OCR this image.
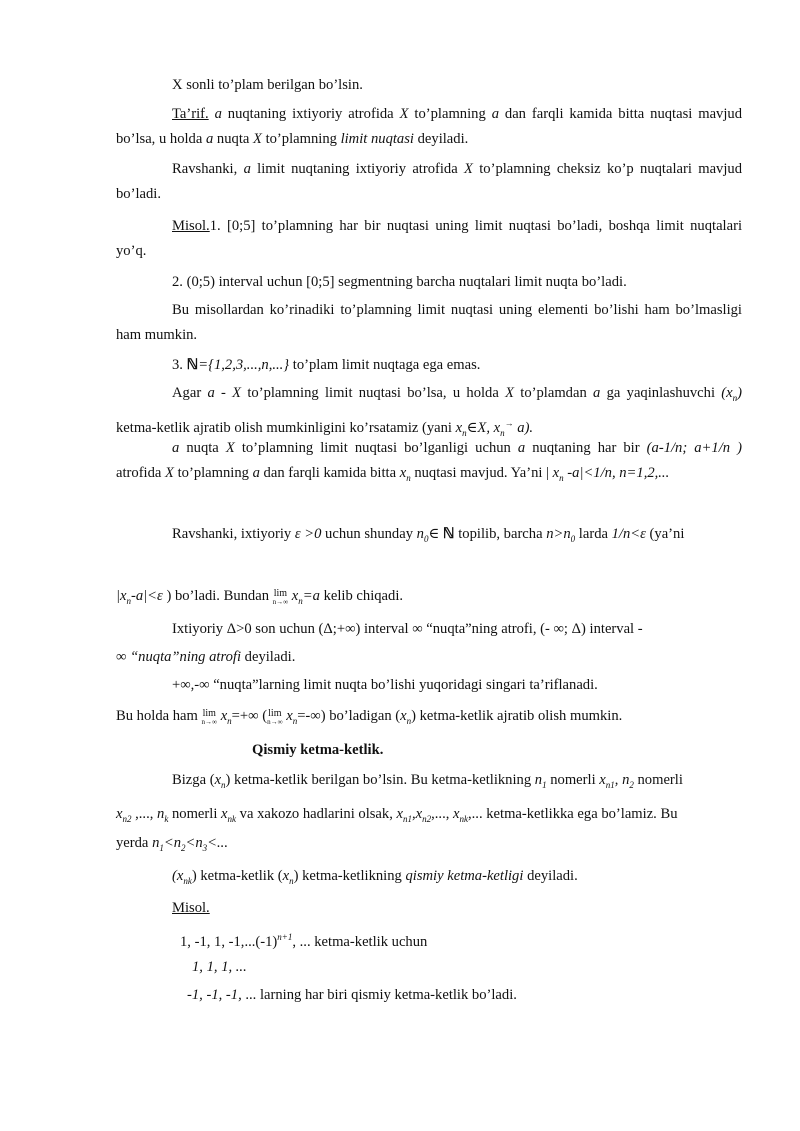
X sonli to’plam berilgan bo’lsin.

Ta’rif. a nuqtaning ixtiyoriy atrofida X to’plamning a dan farqli kamida bitta nuqtasi mavjud bo’lsa, u holda a nuqta X to’plamning limit nuqtasi deyiladi.

Ravshanki, a limit nuqtaning ixtiyoriy atrofida X to’plamning cheksiz ko’p nuqtalari mavjud bo’ladi.

Misol.1. [0;5] to’plamning har bir nuqtasi uning limit nuqtasi bo’ladi, boshqa limit nuqtalari yo’q.

2. (0;5) interval uchun [0;5] segmentning barcha nuqtalari limit nuqta bo’ladi.

Bu misollardan ko’rinadiki to’plamning limit nuqtasi uning elementi bo’lishi ham bo’lmasligi ham mumkin.

3. ℕ={1,2,3,...,n,...} to’plam limit nuqtaga ega emas.

Agar a - X to’plamning limit nuqtasi bo’lsa, u holda X to’plamdan a ga yaqinlashuvchi $(x_n)$ ketma-ketlik ajratib olish mumkinligini ko’rsatamiz (yani $x_n\in X$, $x_n^\to$ a).

a nuqta X to’plamning limit nuqtasi bo’lganligi uchun a nuqtaning har bir (a-1/n; a+1/n ) atrofida X to’plamning a dan farqli kamida bitta $x_n$ nuqtasi mavjud. Ya’ni | $x_n$ -a|<1/n, n=1,2,...

Ravshanki, ixtiyoriy ε >0 uchun shunday $n_0\in$ ℕ topilib, barcha $n>n_0$ larda 1/n<ε (ya’ni

$|x_n-a|<\varepsilon$ ) bo’ladi. Bundan lim
n→∞ $x_n=a$ kelib chiqadi.

Ixtiyoriy Δ>0 son uchun (Δ;+∞) interval ∞ “nuqta”ning atrofi, (- ∞; Δ) interval -

∞ “nuqta”ning atrofi deyiladi.

+∞,-∞ “nuqta”larning limit nuqta bo’lishi yuqoridagi singari ta’riflanadi.

Bu holda ham lim
n→∞ $x_n=+\infty$ ( lim
n→∞ $x_n=-\infty$) bo’ladigan $(x_n)$ ketma-ketlik ajratib olish mumkin.

Qismiy ketma-ketlik.

Bizga $(x_n)$ ketma-ketlik berilgan bo’lsin. Bu ketma-ketlikning $n_1$ nomerli $x_{n1}$, $n_2$ nomerli

$x_{n2}$ ,..., $n_k$ nomerli $x_{nk}$ va xakozo hadlarini olsak, $x_{n1},x_{n2}$,..., $x_{nk}$,... ketma-ketlikka ega bo’lamiz. Bu

yerda $n_1<n_2<n_3<$...

$(x_{nk})$ ketma-ketlik $(x_n)$ ketma-ketlikning qismiy ketma-ketligi deyiladi.

Misol.

1, -1, 1, $-1,...(-1)^{n+1}$, ... ketma-ketlik uchun

1, 1, 1, ...

-1, -1, -1, ... larning har biri qismiy ketma-ketlik bo’ladi.
